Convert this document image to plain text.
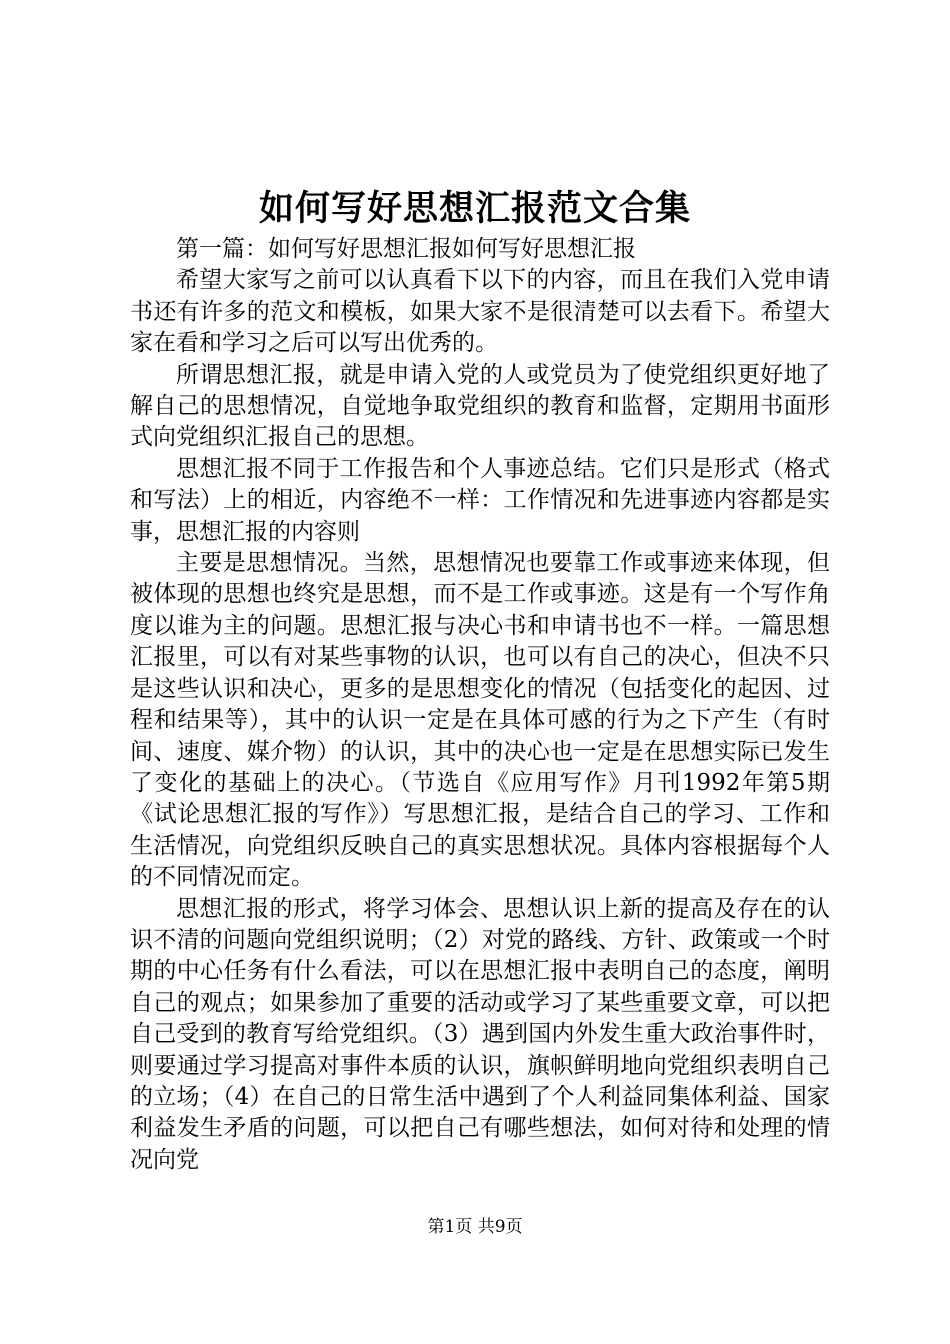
如何写好思想汇报范文合集

第一篇：如何写好思想汇报如何写好思想汇报

希望大家写之前可以认真看下以下的内容，而且在我们入党申请书还有许多的范文和模板，如果大家不是很清楚可以去看下。希望大家在看和学习之后可以写出优秀的。

所谓思想汇报，就是申请入党的人或党员为了使党组织更好地了解自己的思想情况，自觉地争取党组织的教育和监督，定期用书面形式向党组织汇报自己的思想。

思想汇报不同于工作报告和个人事迹总结。它们只是形式（格式和写法）上的相近，内容绝不一样：工作情况和先进事迹内容都是实事，思想汇报的内容则

主要是思想情况。当然，思想情况也要靠工作或事迹来体现，但被体现的思想也终究是思想，而不是工作或事迹。这是有一个写作角度以谁为主的问题。思想汇报与决心书和申请书也不一样。一篇思想汇报里，可以有对某些事物的认识，也可以有自己的决心，但决不只是这些认识和决心，更多的是思想变化的情况（包括变化的起因、过程和结果等），其中的认识一定是在具体可感的行为之下产生（有时间、速度、媒介物）的认识，其中的决心也一定是在思想实际已发生了变化的基础上的决心。（节选自《应用写作》月刊1992年第5期《试论思想汇报的写作》）写思想汇报，是结合自己的学习、工作和生活情况，向党组织反映自己的真实思想状况。具体内容根据每个人的不同情况而定。

思想汇报的形式，将学习体会、思想认识上新的提高及存在的认识不清的问题向党组织说明；（2）对党的路线、方针、政策或一个时期的中心任务有什么看法，可以在思想汇报中表明自己的态度，阐明自己的观点；如果参加了重要的活动或学习了某些重要文章，可以把自己受到的教育写给党组织。（3）遇到国内外发生重大政治事件时，则要通过学习提高对事件本质的认识，旗帜鲜明地向党组织表明自己的立场；（4）在自己的日常生活中遇到了个人利益同集体利益、国家利益发生矛盾的问题，可以把自己有哪些想法，如何对待和处理的情况向党

第1页 共9页
